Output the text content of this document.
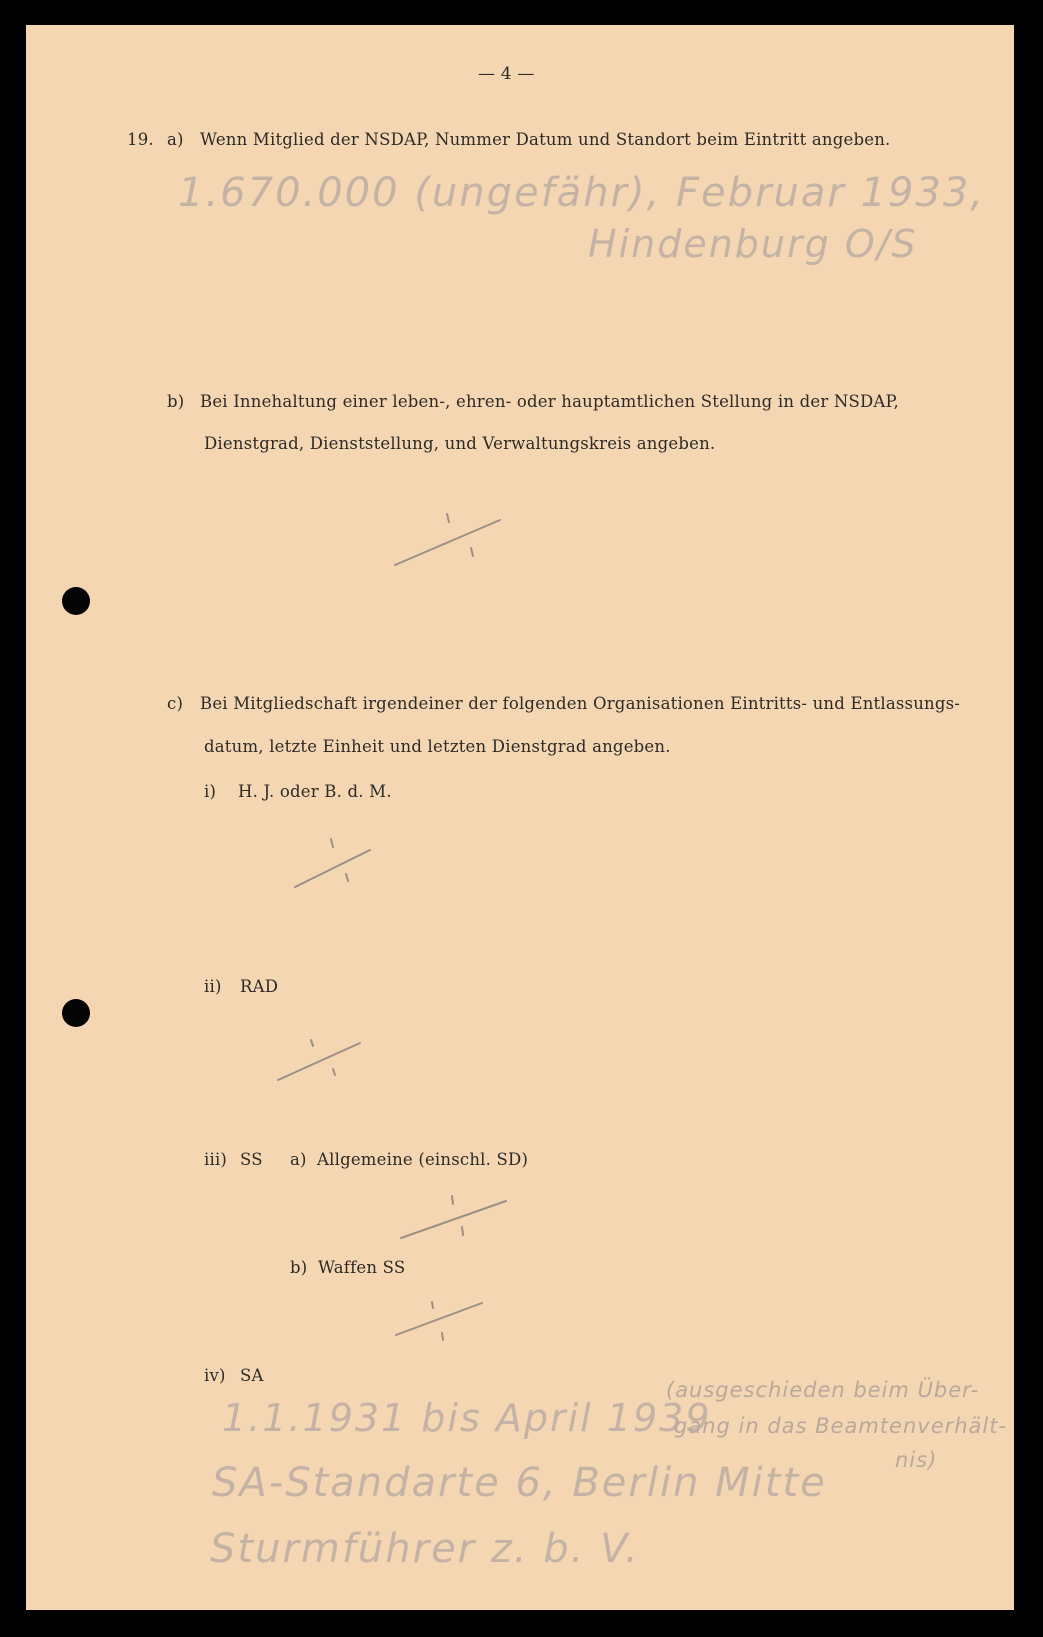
— 4 —
19. a) Wenn Mitglied der NSDAP, Nummer Datum und Standort beim Eintritt angeben.
1.670.000 (ungefähr), Februar 1933,
Hindenburg O/S
b) Bei Innehaltung einer leben-, ehren- oder hauptamtlichen Stellung in der NSDAP,
Dienstgrad, Dienststellung, und Verwaltungskreis angeben.
c) Bei Mitgliedschaft irgendeiner der folgenden Organisationen Eintritts- und Entlassungs-
datum, letzte Einheit und letzten Dienstgrad angeben.
i) H. J. oder B. d. M.
ii) RAD
iii) SS a) Allgemeine (einschl. SD)
b) Waffen SS
iv) SA
1.1.1931 bis April 1939
(ausgeschieden beim Über-
gang in das Beamtenverhält-
nis)
SA-Standarte 6, Berlin Mitte
Sturmführer z. b. V.
